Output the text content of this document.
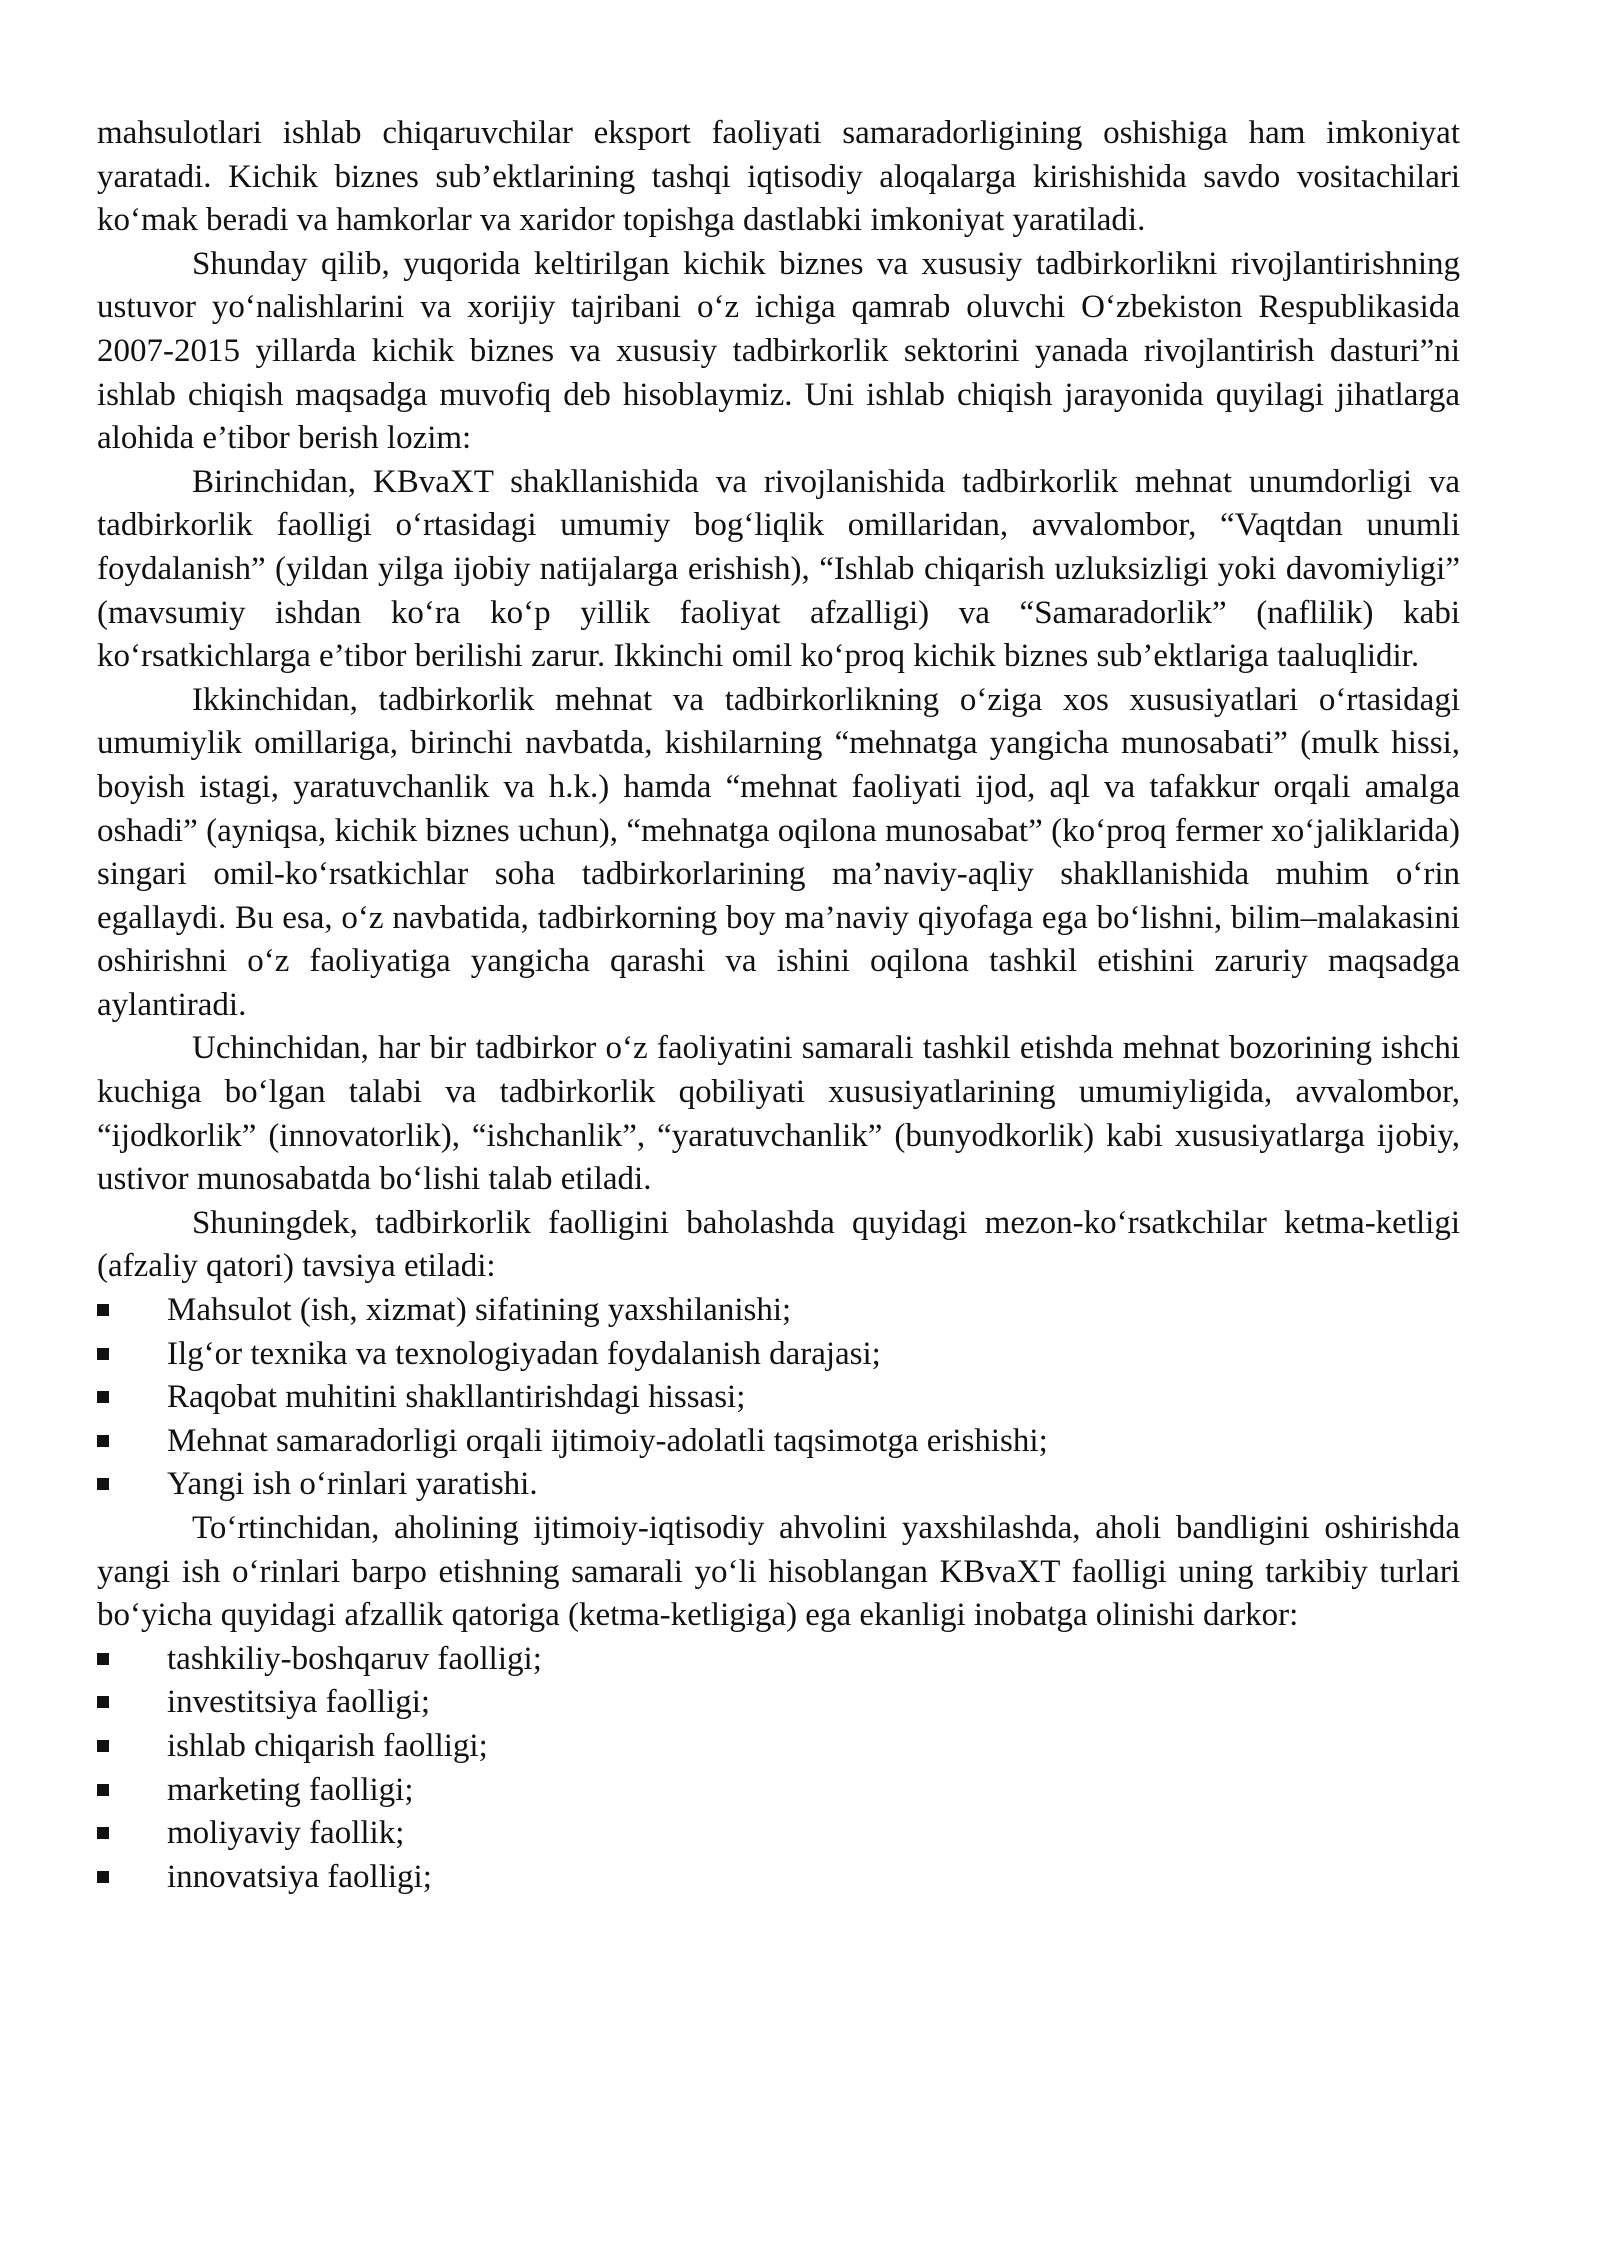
mahsulotlari ishlab chiqaruvchilar eksport faoliyati samaradorligining oshishiga ham imkoniyat yaratadi. Kichik biznes sub’ektlarining tashqi iqtisodiy aloqalarga kirishishida savdo vositachilari ko‘mak beradi va hamkorlar va xaridor topishga dastlabki imkoniyat yaratiladi.

Shunday qilib, yuqorida keltirilgan kichik biznes va xususiy tadbirkorlikni rivojlantirishning ustuvor yo‘nalishlarini va xorijiy tajribani o‘z ichiga qamrab oluvchi O‘zbekiston Respublikasida 2007-2015 yillarda kichik biznes va xususiy tadbirkorlik sektorini yanada rivojlantirish dasturi”ni ishlab chiqish maqsadga muvofiq deb hisoblaymiz. Uni ishlab chiqish jarayonida quyilagi jihatlarga alohida e’tibor berish lozim:

Birinchidan, KBvaXT shakllanishida va rivojlanishida tadbirkorlik mehnat unumdorligi va tadbirkorlik faolligi o‘rtasidagi umumiy bog‘liqlik omillaridan, avvalombor, “Vaqtdan unumli foydalanish” (yildan yilga ijobiy natijalarga erishish), “Ishlab chiqarish uzluksizligi yoki davomiyligi” (mavsumiy ishdan ko‘ra ko‘p yillik faoliyat afzalligi) va “Samaradorlik” (naflilik) kabi ko‘rsatkichlarga e’tibor berilishi zarur. Ikkinchi omil ko‘proq kichik biznes sub’ektlariga taaluqlidir.

Ikkinchidan, tadbirkorlik mehnat va tadbirkorlikning o‘ziga xos xususiyatlari o‘rtasidagi umumiylik omillariga, birinchi navbatda, kishilarning “mehnatga yangicha munosabati” (mulk hissi, boyish istagi, yaratuvchanlik va h.k.) hamda “mehnat faoliyati ijod, aql va tafakkur orqali amalga oshadi” (ayniqsa, kichik biznes uchun), “mehnatga oqilona munosabat” (ko‘proq fermer xo‘jaliklarida) singari omil-ko‘rsatkichlar soha tadbirkorlarining ma’naviy-aqliy shakllanishida muhim o‘rin egallaydi. Bu esa, o‘z navbatida, tadbirkorning boy ma’naviy qiyofaga ega bo‘lishni, bilim–malakasini oshirishni o‘z faoliyatiga yangicha qarashi va ishini oqilona tashkil etishini zaruriy maqsadga aylantiradi.

Uchinchidan, har bir tadbirkor o‘z faoliyatini samarali tashkil etishda mehnat bozorining ishchi kuchiga bo‘lgan talabi va tadbirkorlik qobiliyati xususiyatlarining umumiyligida, avvalombor, “ijodkorlik” (innovatorlik), “ishchanlik”, “yaratuvchanlik” (bunyodkorlik) kabi xususiyatlarga ijobiy, ustivor munosabatda bo‘lishi talab etiladi.

Shuningdek, tadbirkorlik faolligini baholashda quyidagi mezon-ko‘rsatkchilar ketma-ketligi (afzaliy qatori) tavsiya etiladi:

Mahsulot (ish, xizmat) sifatining yaxshilanishi;
Ilg‘or texnika va texnologiyadan foydalanish darajasi;
Raqobat muhitini shakllantirishdagi hissasi;
Mehnat samaradorligi orqali ijtimoiy-adolatli taqsimotga erishishi;
Yangi ish o‘rinlari yaratishi.

To‘rtinchidan, aholining ijtimoiy-iqtisodiy ahvolini yaxshilashda, aholi bandligini oshirishda yangi ish o‘rinlari barpo etishning samarali yo‘li hisoblangan KBvaXT faolligi uning tarkibiy turlari bo‘yicha quyidagi afzallik qatoriga (ketma-ketligiga) ega ekanligi inobatga olinishi darkor:

tashkiliy-boshqaruv faolligi;
investitsiya faolligi;
ishlab chiqarish faolligi;
marketing faolligi;
moliyaviy faollik;
innovatsiya faolligi;
